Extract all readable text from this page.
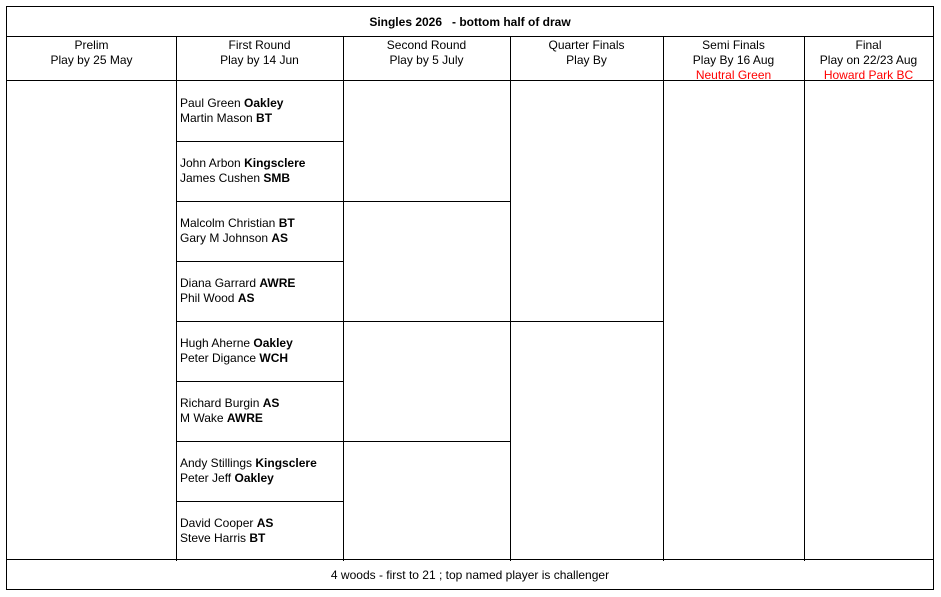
Singles 2026   - bottom half of draw
Prelim
Play by 25 May
First Round
Play by 14 Jun
Second Round
Play by 5 July
Quarter Finals
Play By
Semi Finals
Play By 16 Aug
Neutral Green
Final
Play on 22/23 Aug
Howard Park BC
Paul Green Oakley
Martin Mason BT
John Arbon Kingsclere
James Cushen SMB
Malcolm Christian BT
Gary M Johnson AS
Diana Garrard AWRE
Phil Wood AS
Hugh Aherne Oakley
Peter Digance WCH
Richard Burgin AS
M Wake AWRE
Andy Stillings Kingsclere
Peter Jeff Oakley
David Cooper AS
Steve Harris BT
4 woods - first to 21 ; top named player is challenger
